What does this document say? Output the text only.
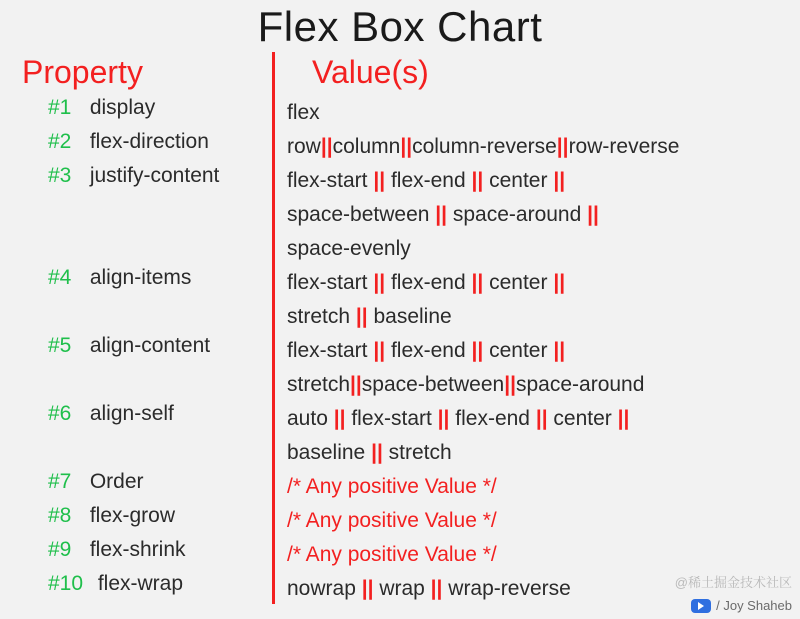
Flex Box Chart
Property	Value(s)
#1 display	flex
#2 flex-direction	row||column||column-reverse||row-reverse
#3 justify-content	flex-start || flex-end || center ||
space-between || space-around ||
space-evenly
#4 align-items	flex-start || flex-end || center ||
stretch || baseline
#5 align-content	flex-start || flex-end || center ||
stretch||space-between||space-around
#6 align-self	auto || flex-start || flex-end || center ||
baseline || stretch
#7 Order	/* Any positive Value */
#8 flex-grow	/* Any positive Value */
#9 flex-shrink	/* Any positive Value */
#10 flex-wrap	nowrap || wrap || wrap-reverse	@稀土掘金技术社区
/ Joy Shaheb
